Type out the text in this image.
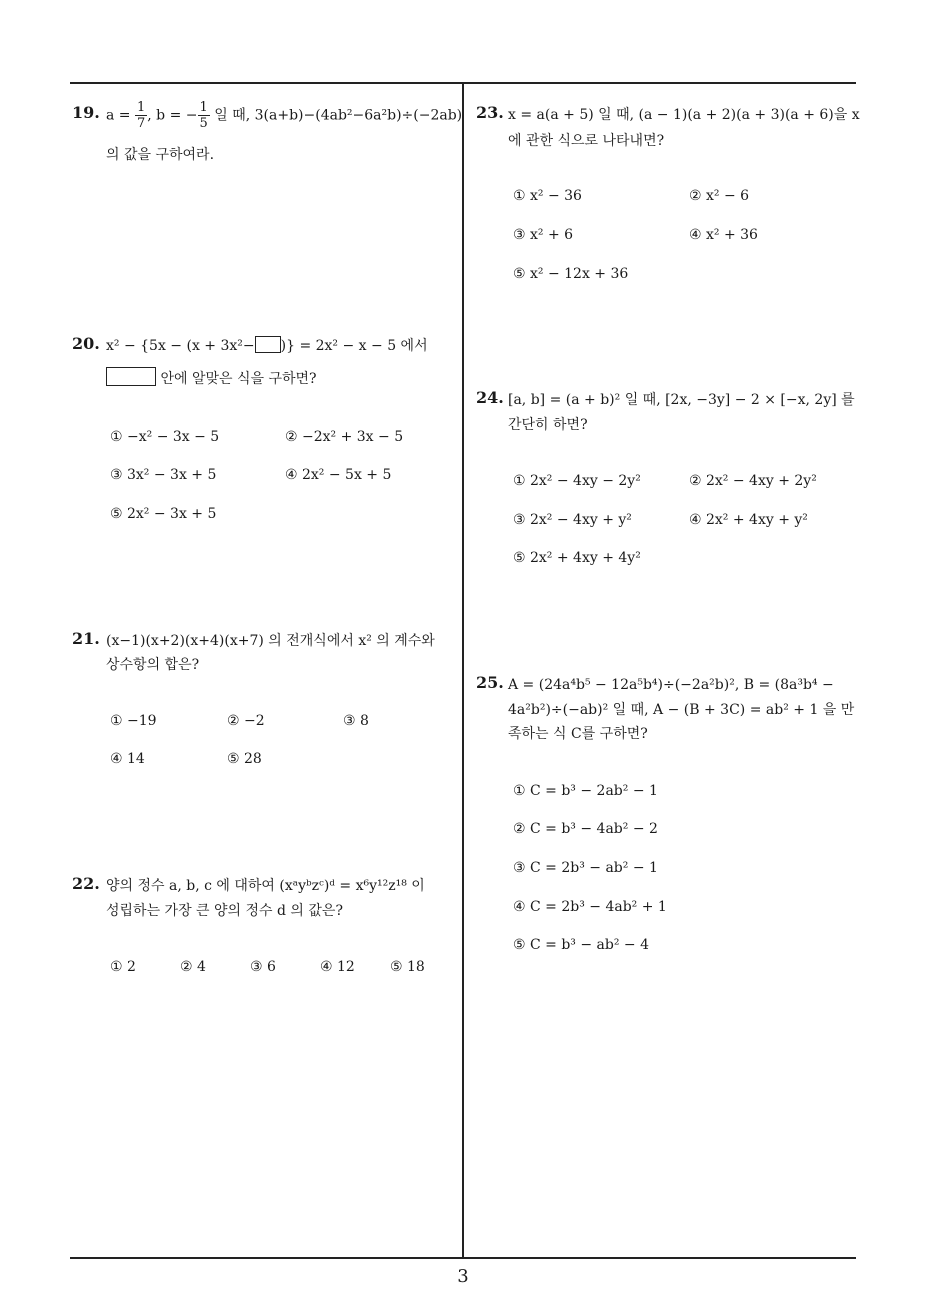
19. $a = \frac{1}{7}$ , b = − $\frac{1}{5}$ 일 때, 3(a+b)−(4ab²−6a²b)÷(−2ab)
의 값을 구하여라.
20. x² − {5x − (x + 3x²− )} = 2x² − x − 5 에서
안에 알맞은 식을 구하면?
① −x² − 3x − 5	② −2x² + 3x − 5
③ 3x² − 3x + 5	④ 2x² − 5x + 5
⑤ 2x² − 3x + 5
21. (x−1)(x+2)(x+4)(x+7) 의 전개식에서 x² 의 계수와
상수항의 합은?
① −19	② −2	③ 8
④ 14	⑤ 28
22. 양의 정수 a, b, c 에 대하여 (xᵃyᵇzᶜ)ᵈ = x⁶y¹²z¹⁸ 이
성립하는 가장 큰 양의 정수 d 의 값은?
① 2	② 4	③ 6	④ 12	⑤ 18
23. x = a(a + 5) 일 때, (a − 1)(a + 2)(a + 3)(a + 6)을 x
에 관한 식으로 나타내면?
① x² − 36	② x² − 6
③ x² + 6	④ x² + 36
⑤ x² − 12x + 36
24. [a, b] = (a + b)² 일 때, [2x, −3y] − 2 × [−x, 2y] 를
간단히 하면?
① 2x² − 4xy − 2y²	② 2x² − 4xy + 2y²
③ 2x² − 4xy + y²	④ 2x² + 4xy + y²
⑤ 2x² + 4xy + 4y²
25. A = (24a⁴b⁵ − 12a⁵b⁴)÷(−2a²b)², B = (8a³b⁴ −
4a²b²)÷(−ab)² 일 때, A − (B + 3C) = ab² + 1 을 만
족하는 식 C를 구하면?
① C = b³ − 2ab² − 1
② C = b³ − 4ab² − 2
③ C = 2b³ − ab² − 1
④ C = 2b³ − 4ab² + 1
⑤ C = b³ − ab² − 4
3
